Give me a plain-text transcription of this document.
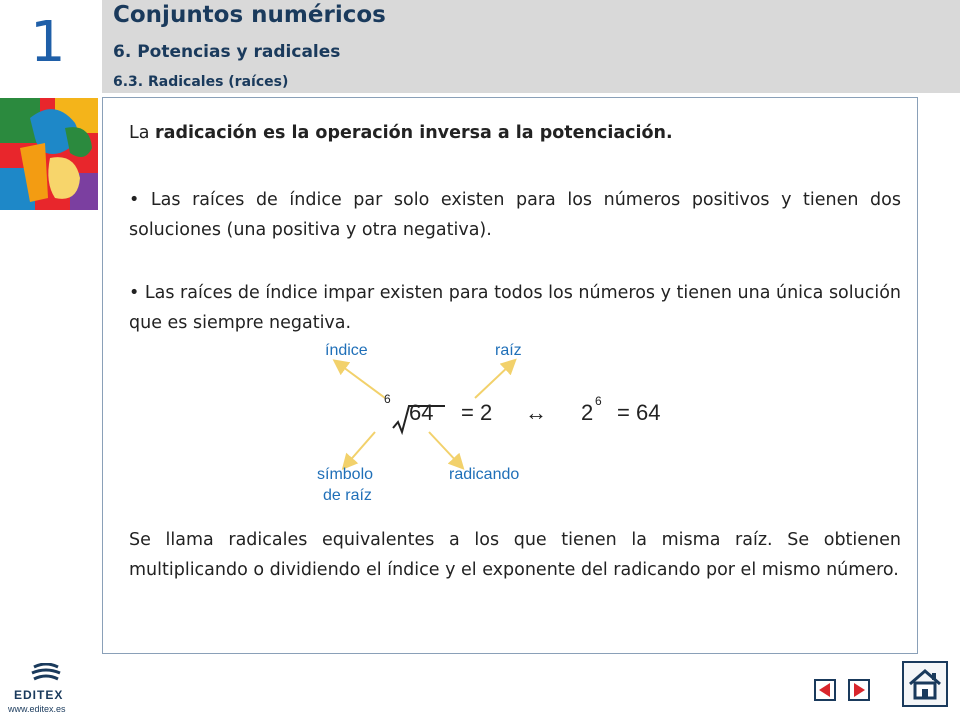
1 Conjuntos numéricos
6. Potencias y radicales
6.3. Radicales (raíces)
La radicación es la operación inversa a la potenciación.
• Las raíces de índice par solo existen para los números positivos y tienen dos soluciones (una positiva y otra negativa).
• Las raíces de índice impar existen para todos los números y tienen una única solución que es siempre negativa.
índice	raíz
símbolo
de raíz
radicando
6
64 = 2 ↔ 2 6 = 64
Se llama radicales equivalentes a los que tienen la misma raíz. Se obtienen multiplicando o dividiendo el índice y el exponente del radicando por el mismo número.
EDITEX
www.editex.es
